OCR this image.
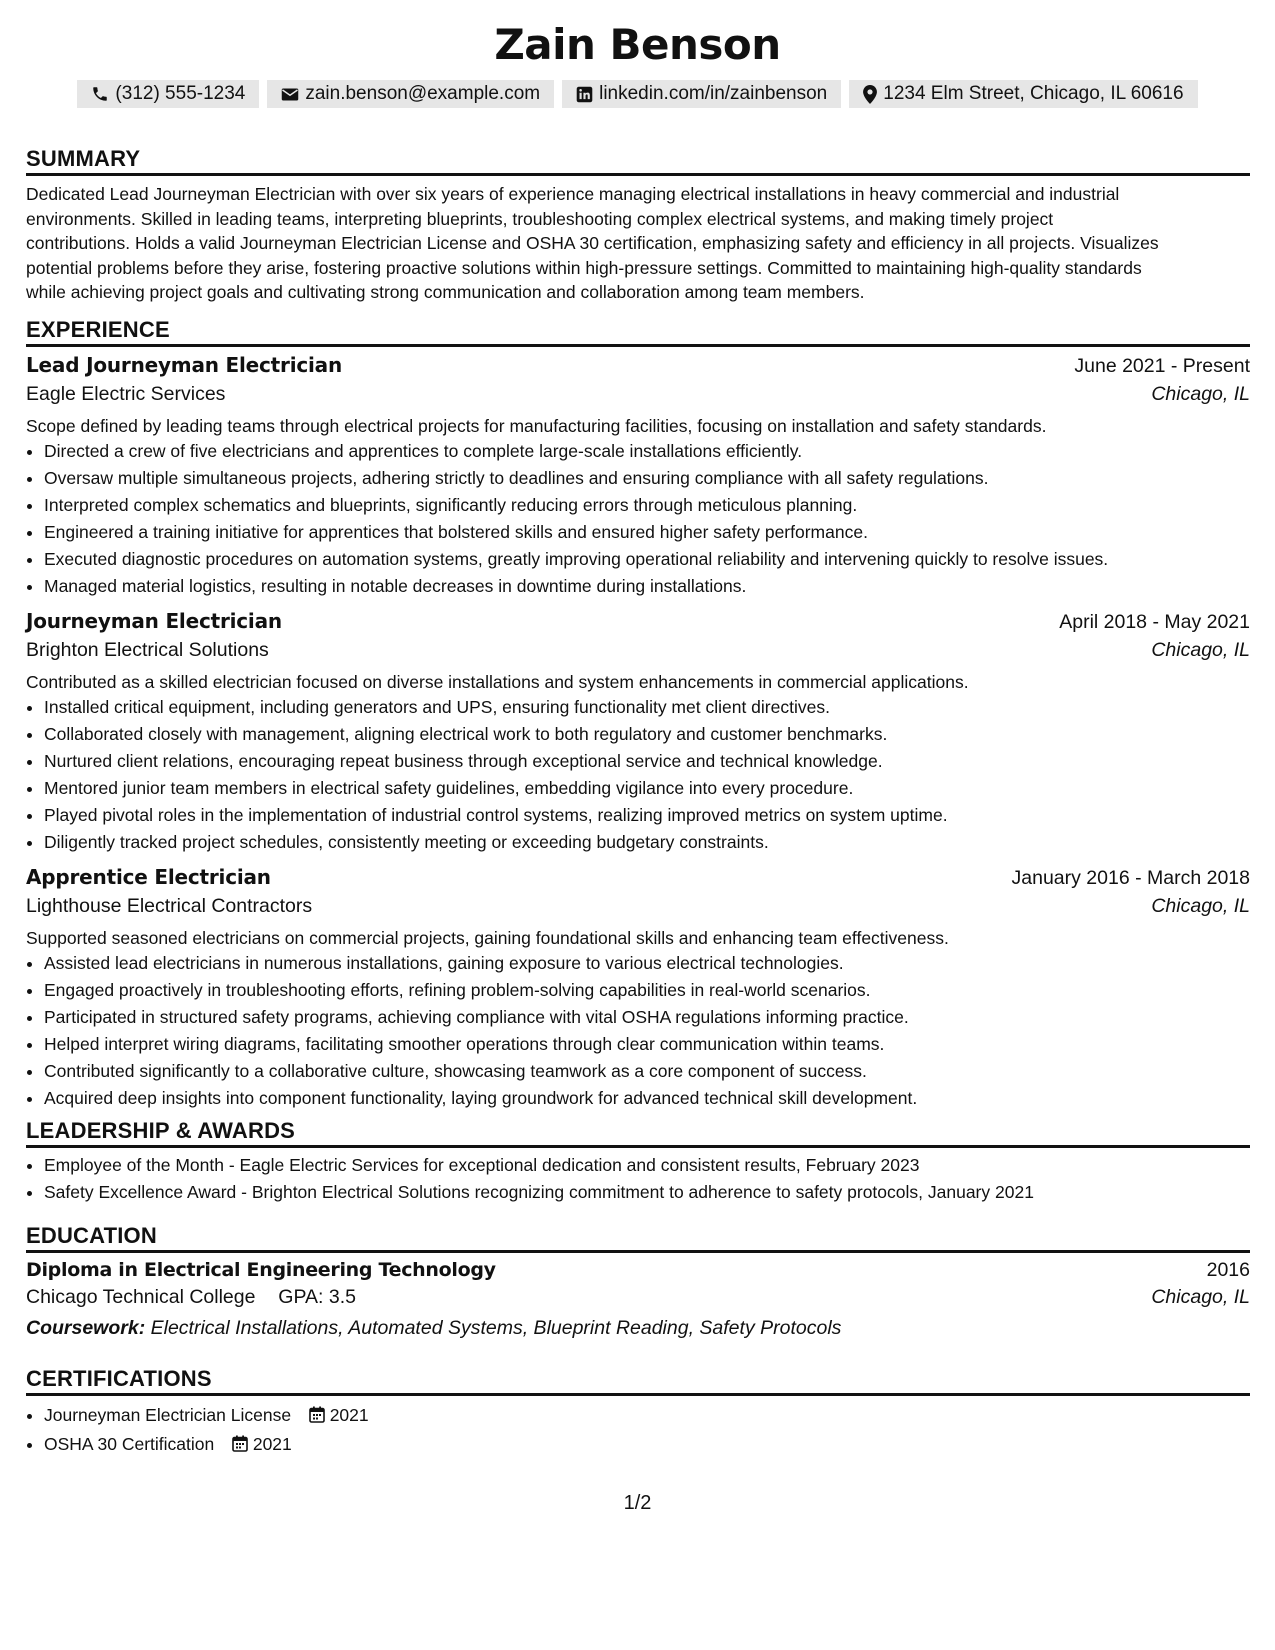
Zain Benson
(312) 555-1234	zain.benson@example.com	linkedin.com/in/zainbenson	1234 Elm Street, Chicago, IL 60616
SUMMARY
Dedicated Lead Journeyman Electrician with over six years of experience managing electrical installations in heavy commercial and industrial
environments. Skilled in leading teams, interpreting blueprints, troubleshooting complex electrical systems, and making timely project
contributions. Holds a valid Journeyman Electrician License and OSHA 30 certification, emphasizing safety and efficiency in all projects. Visualizes
potential problems before they arise, fostering proactive solutions within high-pressure settings. Committed to maintaining high-quality standards
while achieving project goals and cultivating strong communication and collaboration among team members.
EXPERIENCE
Lead Journeyman Electrician	June 2021 - Present
Eagle Electric Services	Chicago, IL
Scope defined by leading teams through electrical projects for manufacturing facilities, focusing on installation and safety standards.
• Directed a crew of five electricians and apprentices to complete large-scale installations efficiently.
• Oversaw multiple simultaneous projects, adhering strictly to deadlines and ensuring compliance with all safety regulations.
• Interpreted complex schematics and blueprints, significantly reducing errors through meticulous planning.
• Engineered a training initiative for apprentices that bolstered skills and ensured higher safety performance.
• Executed diagnostic procedures on automation systems, greatly improving operational reliability and intervening quickly to resolve issues.
• Managed material logistics, resulting in notable decreases in downtime during installations.
Journeyman Electrician	April 2018 - May 2021
Brighton Electrical Solutions	Chicago, IL
Contributed as a skilled electrician focused on diverse installations and system enhancements in commercial applications.
• Installed critical equipment, including generators and UPS, ensuring functionality met client directives.
• Collaborated closely with management, aligning electrical work to both regulatory and customer benchmarks.
• Nurtured client relations, encouraging repeat business through exceptional service and technical knowledge.
• Mentored junior team members in electrical safety guidelines, embedding vigilance into every procedure.
• Played pivotal roles in the implementation of industrial control systems, realizing improved metrics on system uptime.
• Diligently tracked project schedules, consistently meeting or exceeding budgetary constraints.
Apprentice Electrician	January 2016 - March 2018
Lighthouse Electrical Contractors	Chicago, IL
Supported seasoned electricians on commercial projects, gaining foundational skills and enhancing team effectiveness.
• Assisted lead electricians in numerous installations, gaining exposure to various electrical technologies.
• Engaged proactively in troubleshooting efforts, refining problem-solving capabilities in real-world scenarios.
• Participated in structured safety programs, achieving compliance with vital OSHA regulations informing practice.
• Helped interpret wiring diagrams, facilitating smoother operations through clear communication within teams.
• Contributed significantly to a collaborative culture, showcasing teamwork as a core component of success.
• Acquired deep insights into component functionality, laying groundwork for advanced technical skill development.
LEADERSHIP & AWARDS
• Employee of the Month - Eagle Electric Services for exceptional dedication and consistent results, February 2023
• Safety Excellence Award - Brighton Electrical Solutions recognizing commitment to adherence to safety protocols, January 2021
EDUCATION
Diploma in Electrical Engineering Technology	2016
Chicago Technical College GPA: 3.5	Chicago, IL
Coursework: Electrical Installations, Automated Systems, Blueprint Reading, Safety Protocols
CERTIFICATIONS
• Journeyman Electrician License 2021
• OSHA 30 Certification 2021
1/2
